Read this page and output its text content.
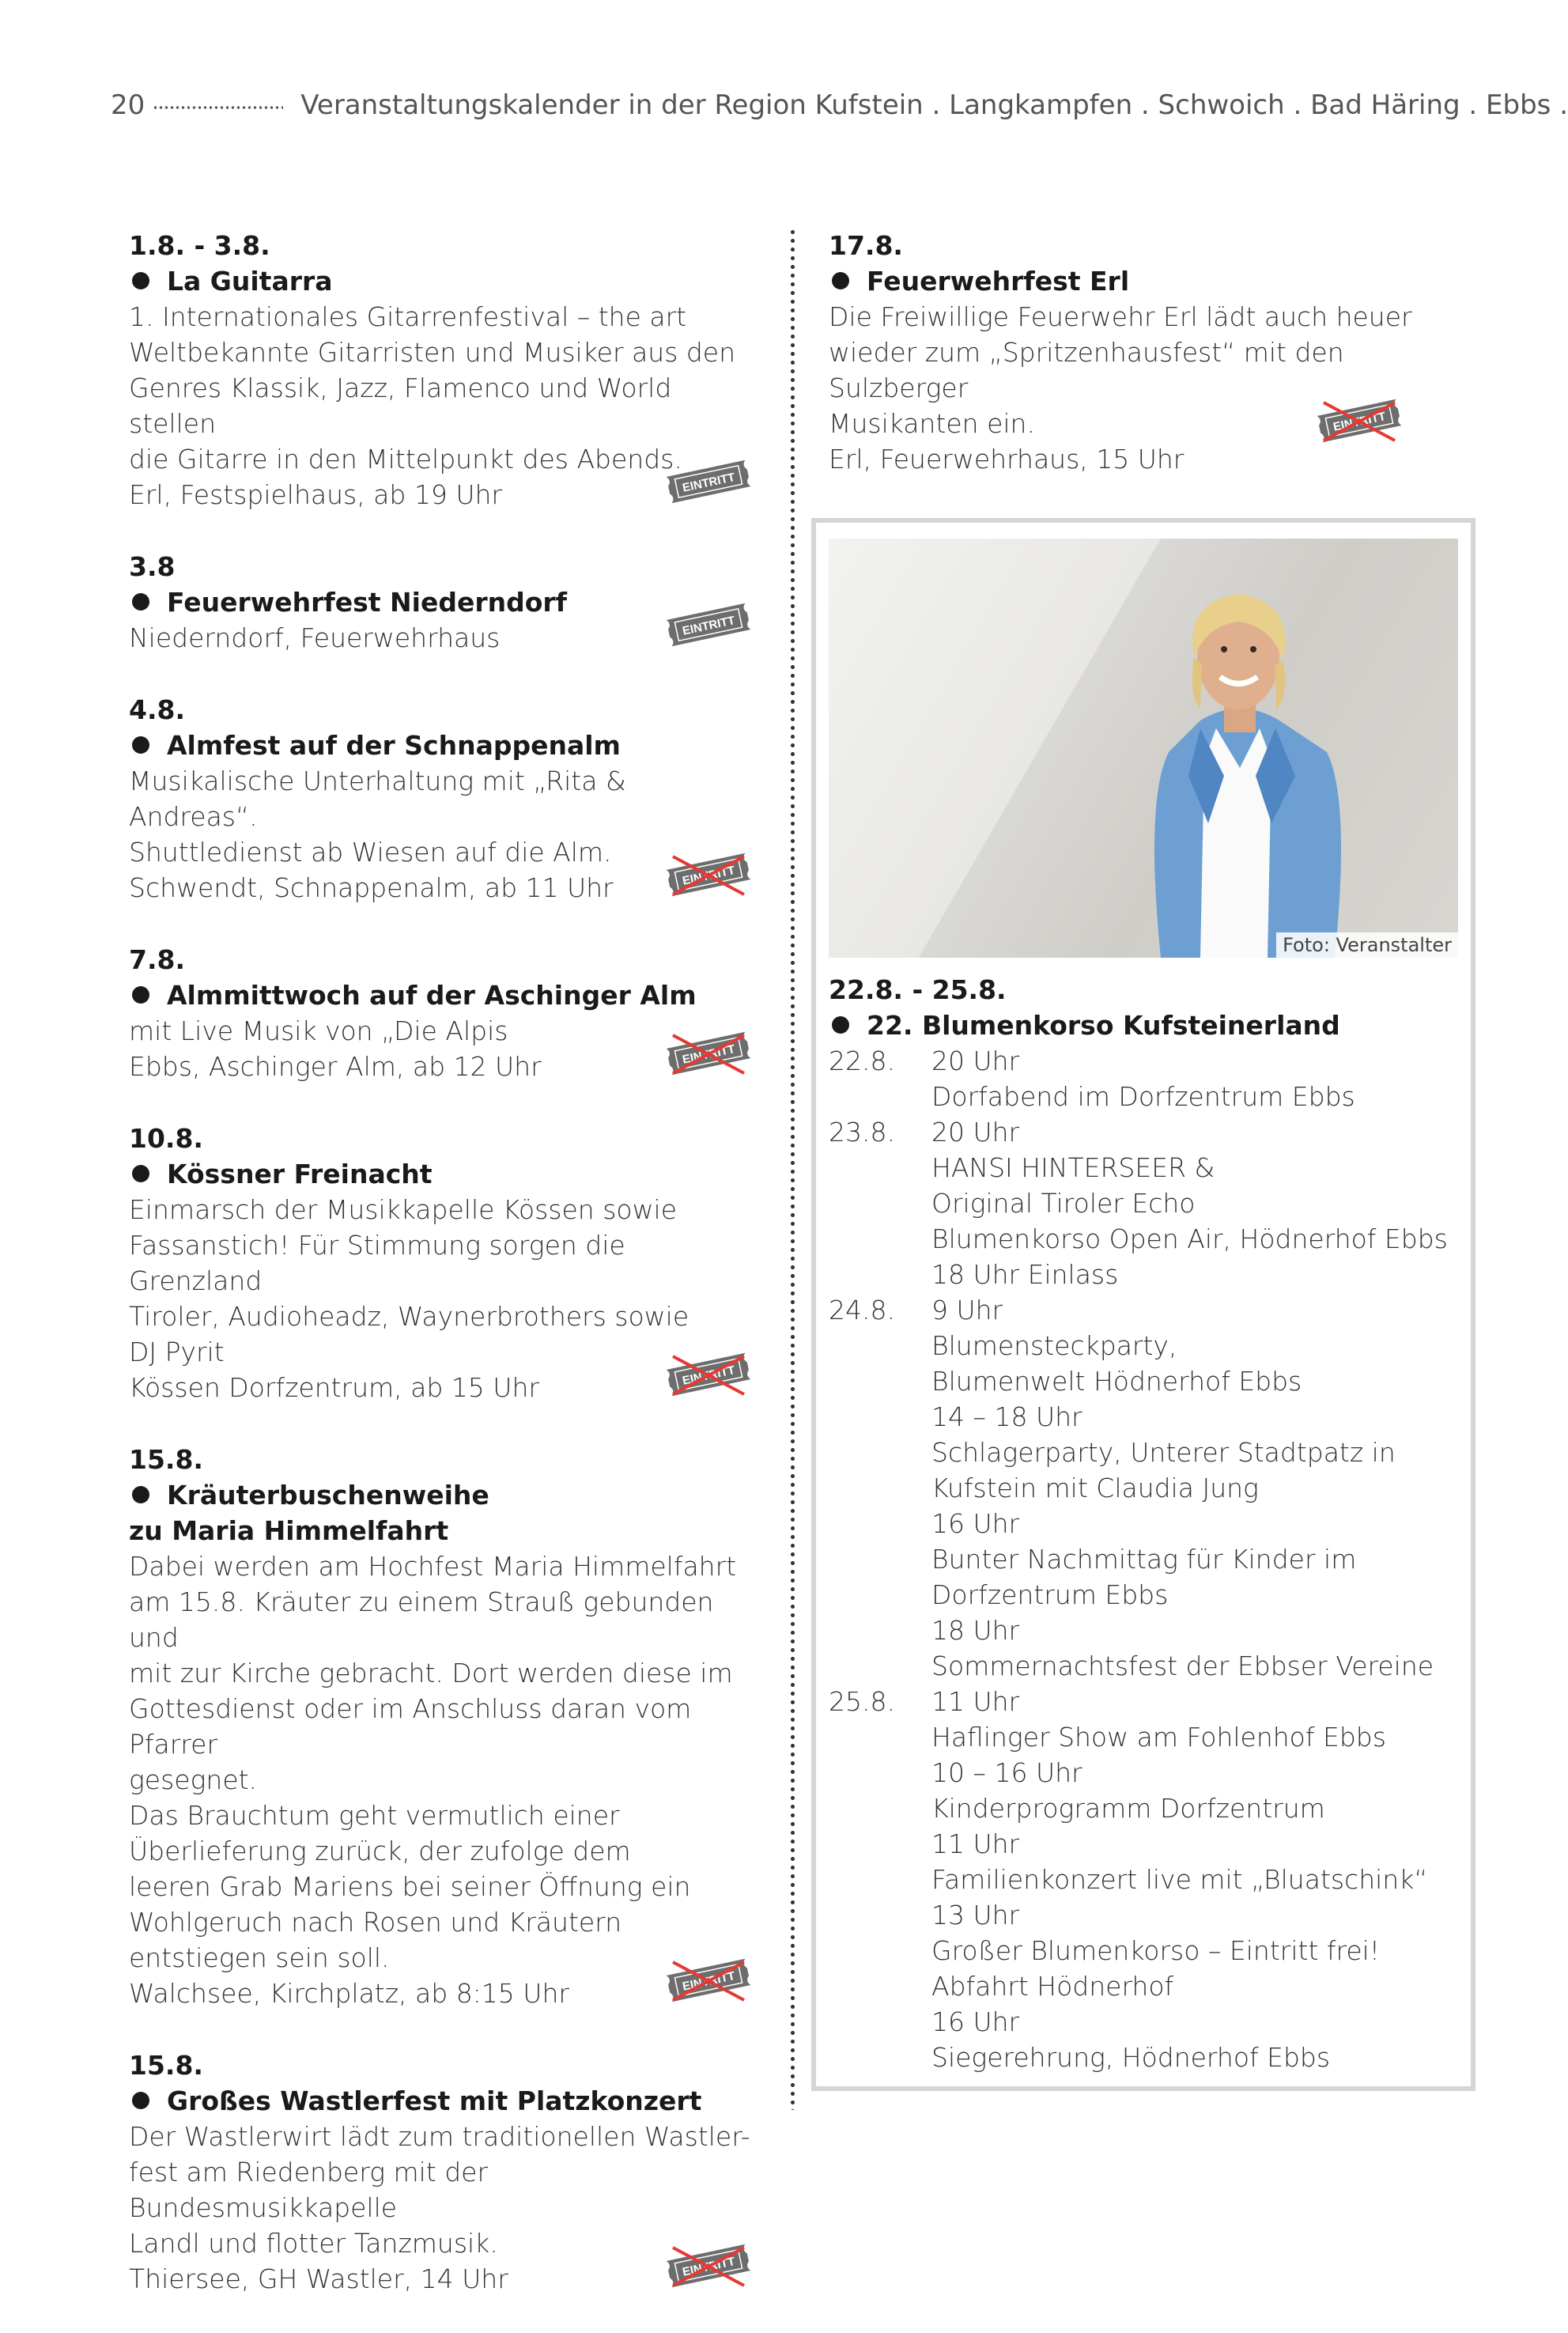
20	Veranstaltungskalender in der Region Kufstein . Langkampfen . Schwoich . Bad Häring . Ebbs .
1.8. - 3.8.
La Guitarra
1. Internationales Gitarrenfestival – the art
Weltbekannte Gitarristen und Musiker aus den
Genres Klassik, Jazz, Flamenco und World stellen
die Gitarre in den Mittelpunkt des Abends.
Erl, Festspielhaus, ab 19 Uhr	EINTRITT
3.8
Feuerwehrfest Niederndorf
Niederndorf, Feuerwehrhaus	EINTRITT
4.8.
Almfest auf der Schnappenalm
Musikalische Unterhaltung mit „Rita & Andreas“.
Shuttledienst ab Wiesen auf die Alm.
Schwendt, Schnappenalm, ab 11 Uhr	EINTRITT
7.8.
Almmittwoch auf der Aschinger Alm
mit Live Musik von „Die Alpis
Ebbs, Aschinger Alm, ab 12 Uhr	EINTRITT
10.8.
Kössner Freinacht
Einmarsch der Musikkapelle Kössen sowie
Fassanstich! Für Stimmung sorgen die Grenzland
Tiroler, Audioheadz, Waynerbrothers sowie
DJ Pyrit
Kössen Dorfzentrum, ab 15 Uhr	EINTRITT
15.8.
Kräuterbuschenweihe
zu Maria Himmelfahrt
Dabei werden am Hochfest Maria Himmelfahrt
am 15.8. Kräuter zu einem Strauß gebunden und
mit zur Kirche gebracht. Dort werden diese im
Gottesdienst oder im Anschluss daran vom Pfarrer
gesegnet.
Das Brauchtum geht vermutlich einer
Überlieferung zurück, der zufolge dem
leeren Grab Mariens bei seiner Öffnung ein
Wohlgeruch nach Rosen und Kräutern
entstiegen sein soll.
Walchsee, Kirchplatz, ab 8:15 Uhr	EINTRITT
15.8.
Großes Wastlerfest mit Platzkonzert
Der Wastlerwirt lädt zum traditionellen Wastler-
fest am Riedenberg mit der Bundesmusikkapelle
Landl und flotter Tanzmusik.
Thiersee, GH Wastler, 14 Uhr	EINTRITT
17.8.
Feuerwehrfest Erl
Die Freiwillige Feuerwehr Erl lädt auch heuer
wieder zum „Spritzenhausfest“ mit den Sulzberger
Musikanten ein.
Erl, Feuerwehrhaus, 15 Uhr
EINTRITT
Foto: Veranstalter
22.8. - 25.8.
22. Blumenkorso Kufsteinerland
22.8.	20 Uhr
Dorfabend im Dorfzentrum Ebbs
23.8.	20 Uhr
HANSI HINTERSEER &
Original Tiroler Echo
Blumenkorso Open Air, Hödnerhof Ebbs
18 Uhr Einlass
24.8.	9 Uhr
Blumensteckparty,
Blumenwelt Hödnerhof Ebbs
14 – 18 Uhr
Schlagerparty, Unterer Stadtpatz in
Kufstein mit Claudia Jung
16 Uhr
Bunter Nachmittag für Kinder im
Dorfzentrum Ebbs
18 Uhr
Sommernachtsfest der Ebbser Vereine
25.8.	11 Uhr
Haflinger Show am Fohlenhof Ebbs
10 – 16 Uhr
Kinderprogramm Dorfzentrum
11 Uhr
Familienkonzert live mit „Bluatschink“
13 Uhr
Großer Blumenkorso – Eintritt frei!
Abfahrt Hödnerhof
16 Uhr
Siegerehrung, Hödnerhof Ebbs
